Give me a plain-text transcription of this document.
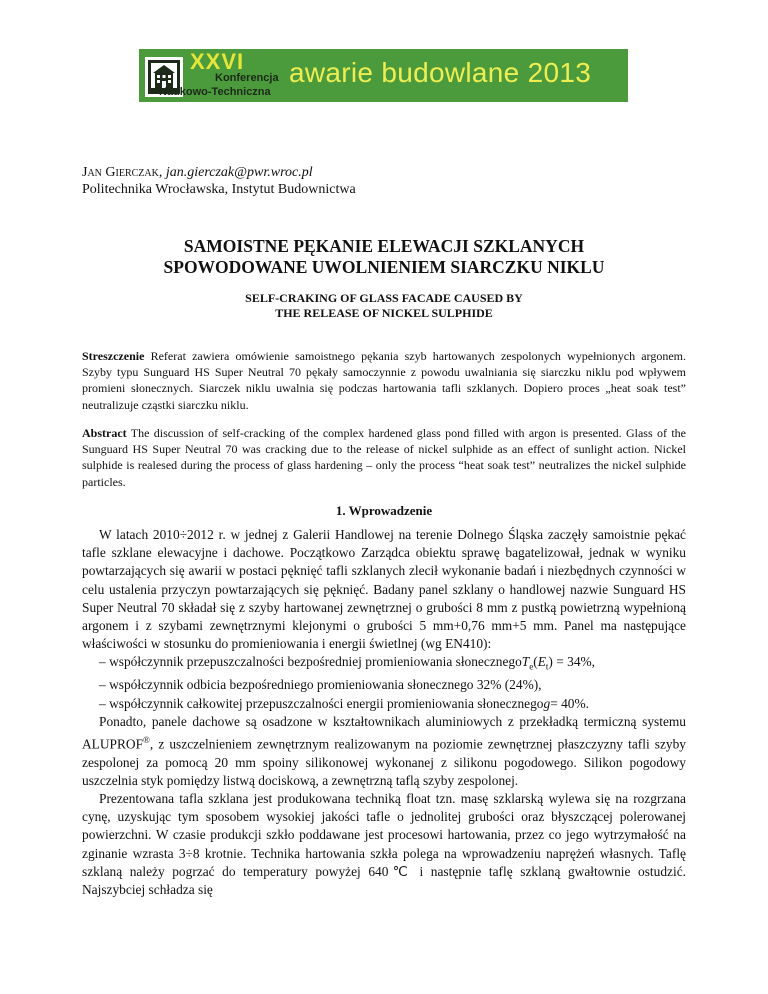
XXVI
Konferencja
Naukowo-Techniczna
awarie budowlane 2013
Jan Gierczak, jan.gierczak@pwr.wroc.pl
Politechnika Wrocławska, Instytut Budownictwa
SAMOISTNE PĘKANIE ELEWACJI SZKLANYCH
SPOWODOWANE UWOLNIENIEM SIARCZKU NIKLU
SELF-CRAKING OF GLASS FACADE CAUSED BY
THE RELEASE OF NICKEL SULPHIDE
Streszczenie Referat zawiera omówienie samoistnego pękania szyb hartowanych zespolonych wypełnionych argonem. Szyby typu Sunguard HS Super Neutral 70 pękały samoczynnie z powodu uwalniania się siarczku niklu pod wpływem promieni słonecznych. Siarczek niklu uwalnia się podczas hartowania tafli szklanych. Dopiero proces „heat soak test” neutralizuje cząstki siarczku niklu.
Abstract The discussion of self-cracking of the complex hardened glass pond filled with argon is presented. Glass of the Sunguard HS Super Neutral 70 was cracking due to the release of nickel sulphide as an effect of sunlight action. Nickel sulphide is realesed during the process of glass hardening – only the process “heat soak test” neutralizes the nickel sulphide particles.
1. Wprowadzenie

W latach 2010÷2012 r. w jednej z Galerii Handlowej na terenie Dolnego Śląska zaczęły samoistnie pękać tafle szklane elewacyjne i dachowe. Początkowo Zarządca obiektu sprawę bagatelizował, jednak w wyniku powtarzających się awarii w postaci pęknięć tafli szklanych zlecił wykonanie badań i niezbędnych czynności w celu ustalenia przyczyn powtarzających się pęknięć. Badany panel szklany o handlowej nazwie Sunguard HS Super Neutral 70 składał się z szyby hartowanej zewnętrznej o grubości 8 mm z pustką powietrzną wypełnioną argonem i z szybami zewnętrznymi klejonymi o grubości 5 mm+0,76 mm+5 mm. Panel ma następujące właściwości w stosunku do promieniowania i energii świetlnej (wg EN410):

– współczynnik przepuszczalności bezpośredniej promieniowania $słonecznegoT_e(E_t) = 34\%$,

– współczynnik odbicia bezpośredniego promieniowania słonecznego 32% (24%),

– współczynnik całkowitej przepuszczalności energii promieniowania słonecznegog= 40%.

Ponadto, panele dachowe są osadzone w kształtownikach aluminiowych z przekładką termiczną systemu ALUPROF®, z uszczelnieniem zewnętrznym realizowanym na poziomie zewnętrznej płaszczyzny tafli szyby zespolonej za pomocą 20 mm spoiny silikonowej wykonanej z silikonu pogodowego. Silikon pogodowy uszczelnia styk pomiędzy listwą dociskową, a zewnętrzną taflą szyby zespolonej.

Prezentowana tafla szklana jest produkowana techniką float tzn. masę szklarską wylewa się na rozgrzana cynę, uzyskując tym sposobem wysokiej jakości tafle o jednolitej grubości oraz błyszczącej polerowanej powierzchni. W czasie produkcji szkło poddawane jest procesowi hartowania, przez co jego wytrzymałość na zginanie wzrasta 3÷8 krotnie. Technika hartowania szkła polega na wprowadzeniu naprężeń własnych. Taflę szklaną należy pogrzać do temperatury powyżej 640℃ i następnie taflę szklaną gwałtownie ostudzić. Najszybciej schładza się
